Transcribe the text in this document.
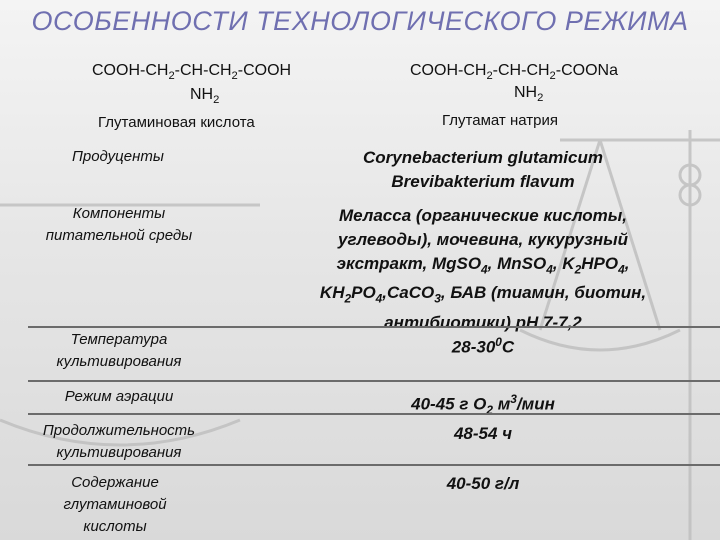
ОСОБЕННОСТИ ТЕХНОЛОГИЧЕСКОГО РЕЖИМА
COOH-$CH_2-CH-CH_2$-COOH
$NH_2$
Глутаминовая кислота
COOH-$CH_2-CH-CH_2$-COONa
$NH_2$
Глутамат натрия
Продуценты	Corynebacterium glutamicum
Brevibakterium flavum
Компоненты
питательной среды
Меласса (органические кислоты,
углеводы), мочевина, кукурузный
экстракт, MgSO$_4$, MnSO$_4$, $K_2HPO_4$,
$KH_2PO_4,CaCO_3$, БАВ (тиамин, биотин,
антибиотики) pH 7-7,2
Температура
культивирования
$28-30^0C$
Режим аэрации	40-45 г $О_2$ $м^3$/мин
Продолжительность
культивирования
48-54 ч
Содержание
глутаминовой
кислоты
40-50 г/л
